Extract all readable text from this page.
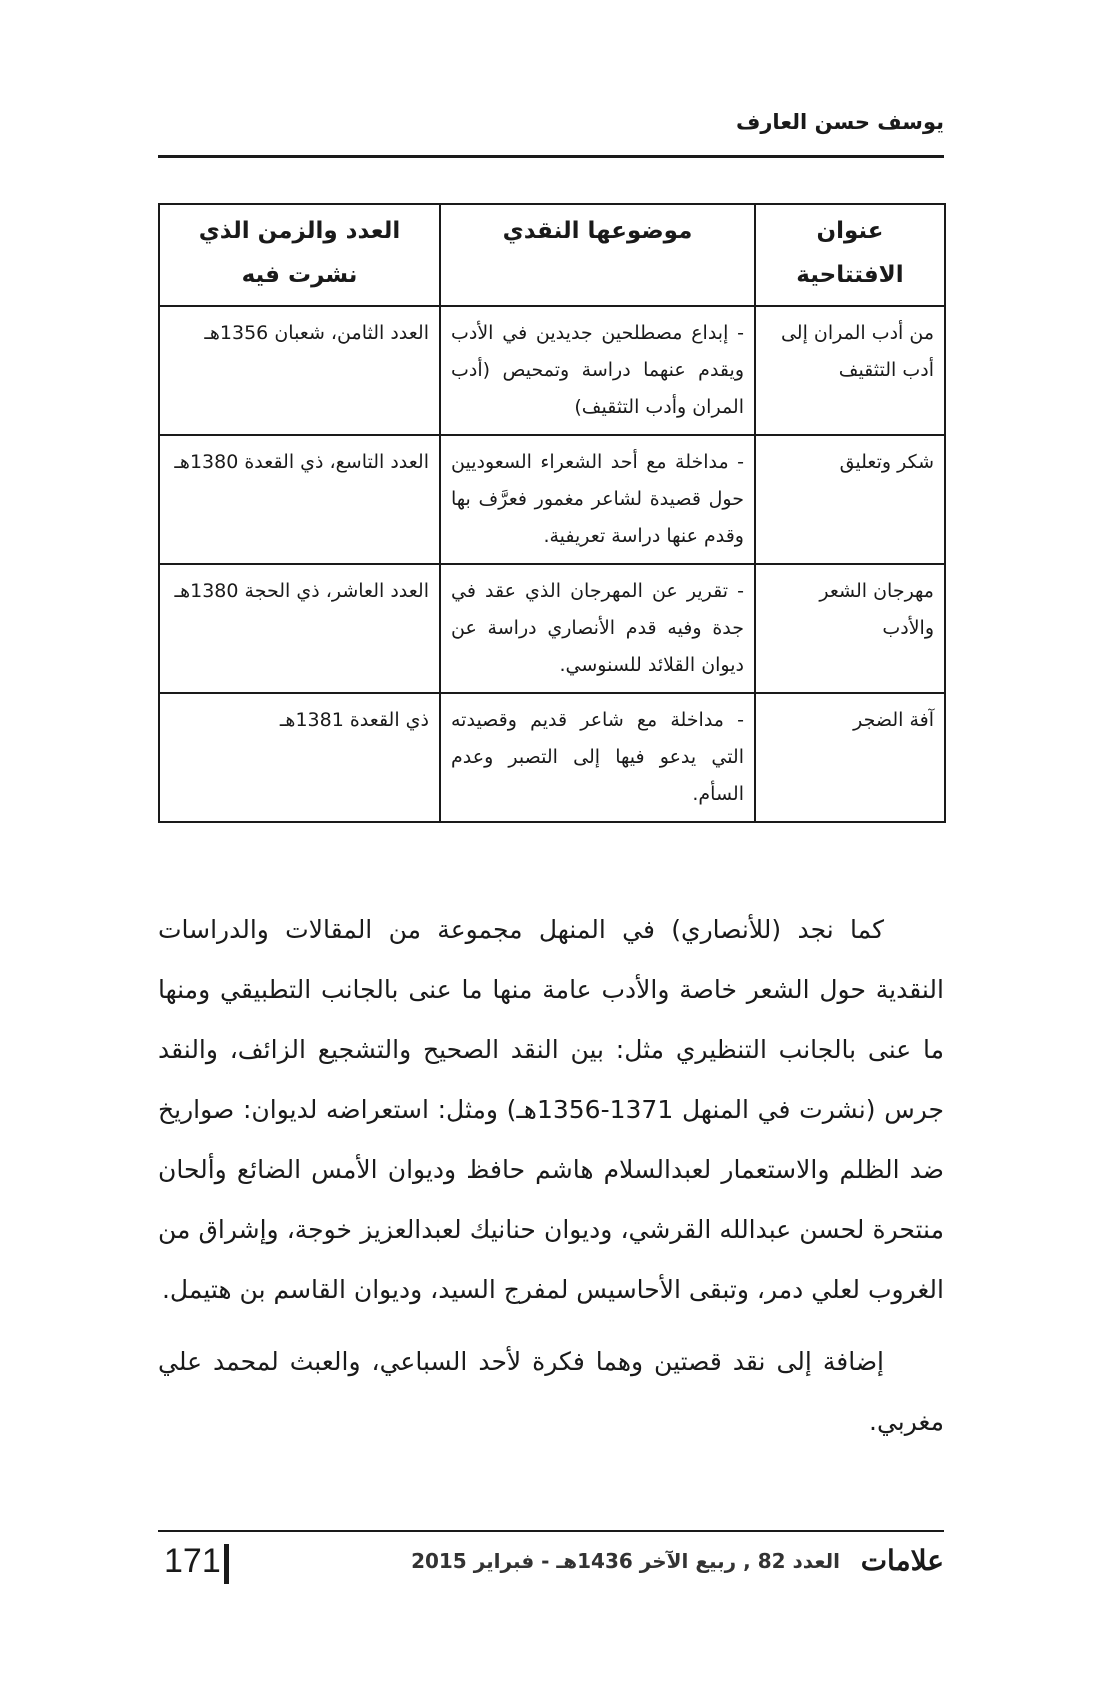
يوسف حسن العارف
عنوان الافتتاحية	موضوعها النقدي	العدد والزمن الذي نشرت فيه
من أدب المران إلى أدب التثقيف	- إبداع مصطلحين جديدين في الأدب ويقدم عنهما دراسة وتمحيص (أدب المران وأدب التثقيف)	العدد الثامن، شعبان 1356هـ
شكر وتعليق	- مداخلة مع أحد الشعراء السعوديين حول قصيدة لشاعر مغمور فعرَّف بها وقدم عنها دراسة تعريفية.	العدد التاسع، ذي القعدة 1380هـ
مهرجان الشعر والأدب	- تقرير عن المهرجان الذي عقد في جدة وفيه قدم الأنصاري دراسة عن ديوان القلائد للسنوسي.	العدد العاشر، ذي الحجة 1380هـ
آفة الضجر	- مداخلة مع شاعر قديم وقصيدته التي يدعو فيها إلى التصبر وعدم السأم.	ذي القعدة 1381هـ

كما نجد (للأنصاري) في المنهل مجموعة من المقالات والدراسات النقدية حول الشعر خاصة والأدب عامة منها ما عنى بالجانب التطبيقي ومنها ما عنى بالجانب التنظيري مثل: بين النقد الصحيح والتشجيع الزائف، والنقد جرس (نشرت في المنهل 1371-1356هـ) ومثل: استعراضه لديوان: صواريخ ضد الظلم والاستعمار لعبدالسلام هاشم حافظ وديوان الأمس الضائع وألحان منتحرة لحسن عبدالله القرشي، وديوان حنانيك لعبدالعزيز خوجة، وإشراق من الغروب لعلي دمر، وتبقى الأحاسيس لمفرج السيد، وديوان القاسم بن هتيمل.

إضافة إلى نقد قصتين وهما فكرة لأحد السباعي، والعبث لمحمد علي مغربي.

171	العدد 82 , ربيع الآخر 1436هـ - فبراير 2015 علامات
